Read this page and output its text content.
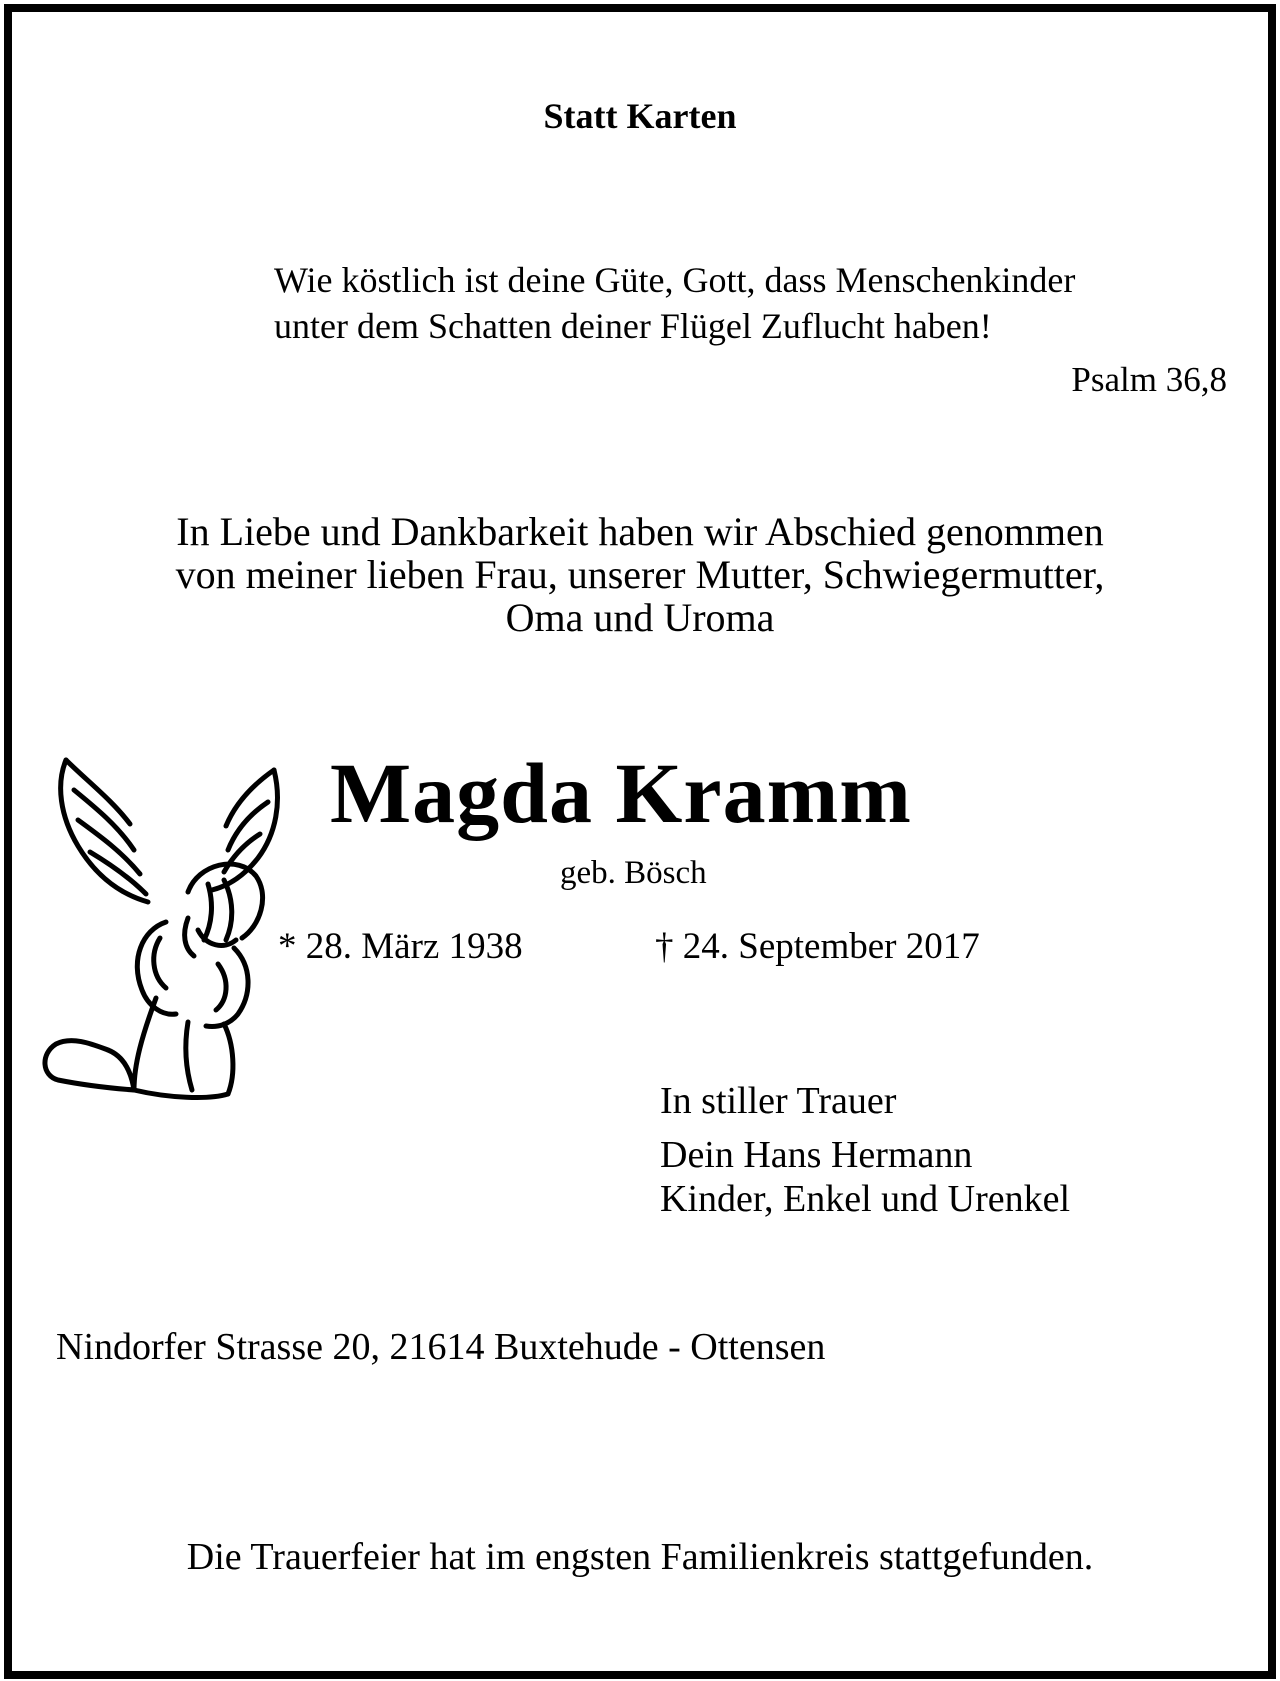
Statt Karten
Wie köstlich ist deine Güte, Gott, dass Menschenkinder
unter dem Schatten deiner Flügel Zuflucht haben!
Psalm 36,8
In Liebe und Dankbarkeit haben wir Abschied genommen
von meiner lieben Frau, unserer Mutter, Schwiegermutter,
Oma und Uroma
Magda Kramm
geb. Bösch
* 28. März 1938	† 24. September 2017
In stiller Trauer
Dein Hans Hermann
Kinder, Enkel und Urenkel
Nindorfer Strasse 20, 21614 Buxtehude - Ottensen
Die Trauerfeier hat im engsten Familienkreis stattgefunden.
